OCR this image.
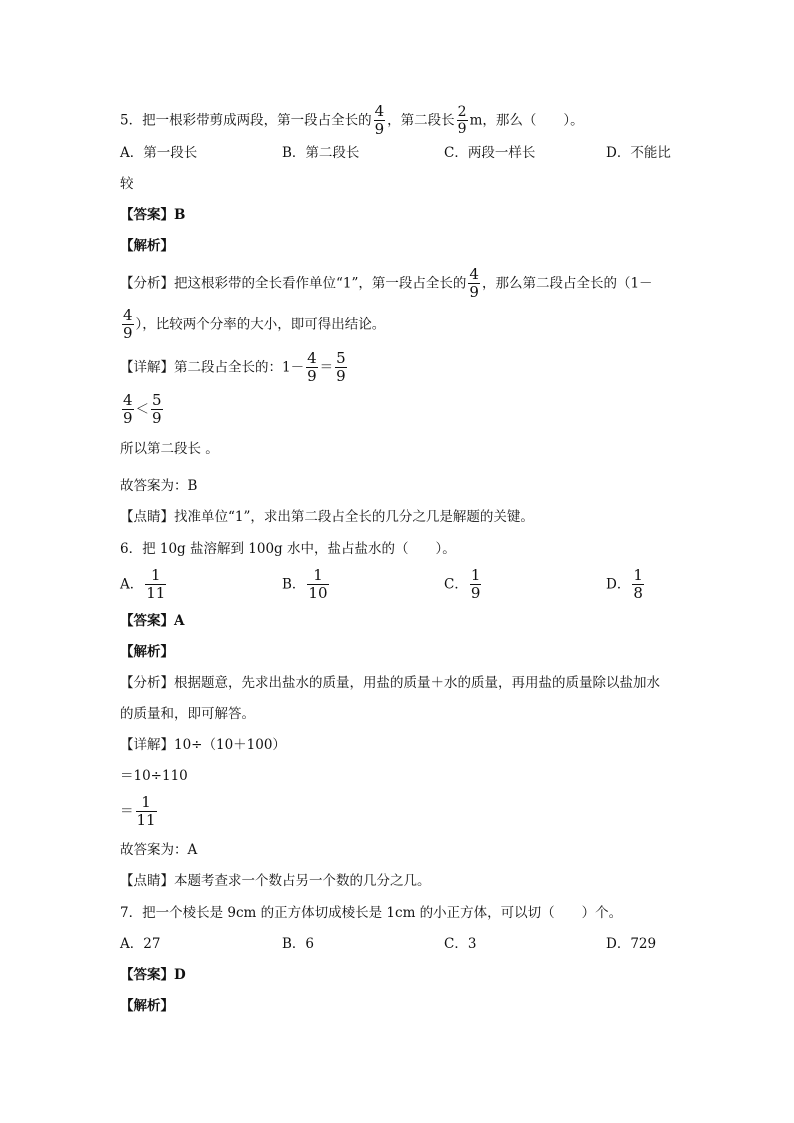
5．把一根彩带剪成两段，第一段占全长的 $\frac{4}{9}$ ，第二段长 $\frac{2}{9}$ m，那么（　　）。
A．第一段长	B．第二段长	C．两段一样长	D．不能比
较
【答案】B
【解析】
【分析】把这根彩带的全长看作单位“1”，第一段占全长的 $\frac{4}{9}$ ，那么第二段占全长的（1－
$\frac{4}{9}$ ），比较两个分率的大小，即可得出结论。
【详解】第二段占全长的：$1- \frac{4}{9} = \frac{5}{9}$
$\frac{4}{9} < \frac{5}{9}$
所以第二段长 。
故答案为：B
【点睛】找准单位“1”，求出第二段占全长的几分之几是解题的关键。
6．把 10g 盐溶解到 100g 水中，盐占盐水的（　　）。
A． $\frac{1}{11}$	B． $\frac{1}{10}$	C． $\frac{1}{9}$	D． $\frac{1}{8}$
【答案】A
【解析】
【分析】根据题意，先求出盐水的质量，用盐的质量＋水的质量，再用盐的质量除以盐加水
的质量和，即可解答。
【详解】10÷（10＋100）
＝10÷110
＝ $\frac{1}{11}$
故答案为：A
【点睛】本题考查求一个数占另一个数的几分之几。
7．把一个棱长是 9cm 的正方体切成棱长是 1cm 的小正方体，可以切（　　）个。
A．27	B．6	C．3	D．729
【答案】D
【解析】
